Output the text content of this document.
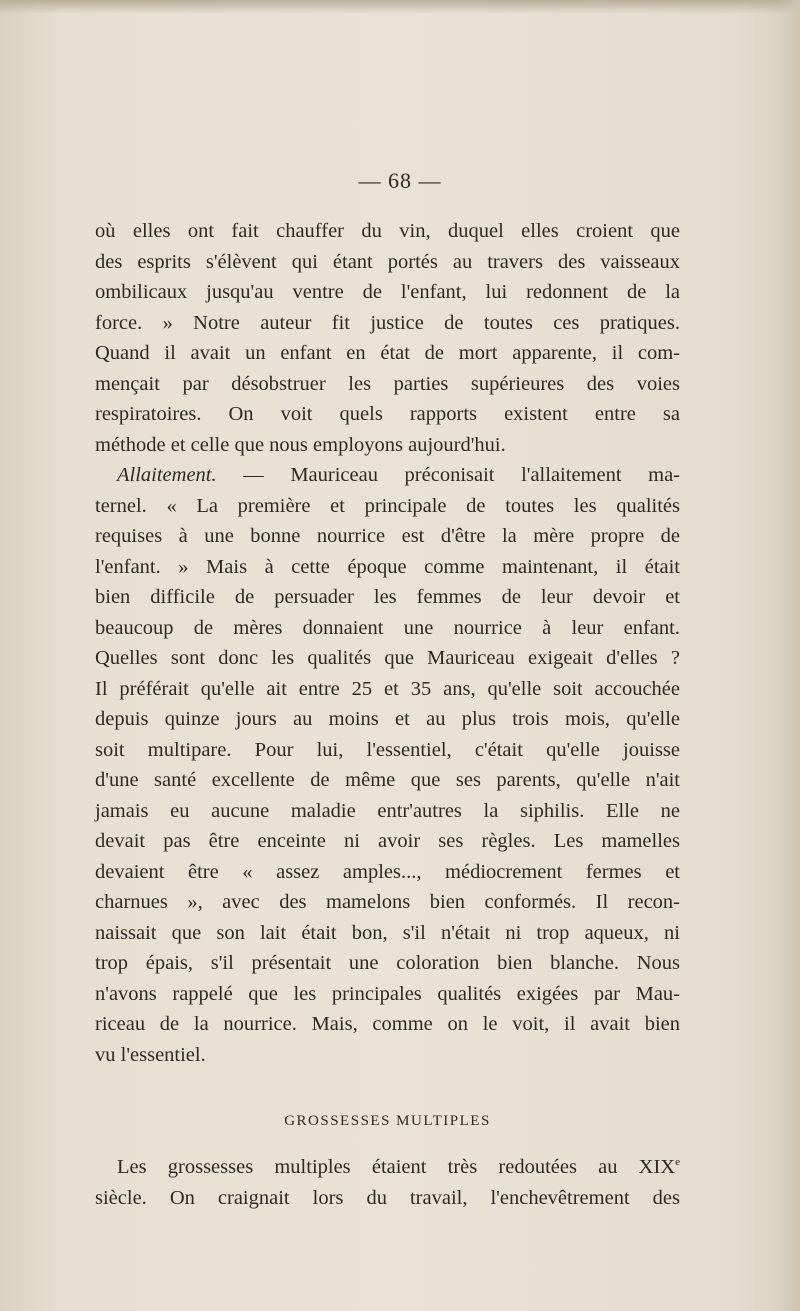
— 68 —
où elles ont fait chauffer du vin, duquel elles croient que
des esprits s'élèvent qui étant portés au travers des vaisseaux
ombilicaux jusqu'au ventre de l'enfant, lui redonnent de la
force. » Notre auteur fit justice de toutes ces pratiques.
Quand il avait un enfant en état de mort apparente, il com-
mençait par désobstruer les parties supérieures des voies
respiratoires. On voit quels rapports existent entre sa
méthode et celle que nous employons aujourd'hui.
Allaitement. — Mauriceau préconisait l'allaitement ma-
ternel. « La première et principale de toutes les qualités
requises à une bonne nourrice est d'être la mère propre de
l'enfant. » Mais à cette époque comme maintenant, il était
bien difficile de persuader les femmes de leur devoir et
beaucoup de mères donnaient une nourrice à leur enfant.
Quelles sont donc les qualités que Mauriceau exigeait d'elles ?
Il préférait qu'elle ait entre 25 et 35 ans, qu'elle soit accouchée
depuis quinze jours au moins et au plus trois mois, qu'elle
soit multipare. Pour lui, l'essentiel, c'était qu'elle jouisse
d'une santé excellente de même que ses parents, qu'elle n'ait
jamais eu aucune maladie entr'autres la siphilis. Elle ne
devait pas être enceinte ni avoir ses règles. Les mamelles
devaient être « assez amples..., médiocrement fermes et
charnues », avec des mamelons bien conformés. Il recon-
naissait que son lait était bon, s'il n'était ni trop aqueux, ni
trop épais, s'il présentait une coloration bien blanche. Nous
n'avons rappelé que les principales qualités exigées par Mau-
riceau de la nourrice. Mais, comme on le voit, il avait bien
vu l'essentiel.
GROSSESSES MULTIPLES
Les grossesses multiples étaient très redoutées au XIXe
siècle. On craignait lors du travail, l'enchevêtrement des
